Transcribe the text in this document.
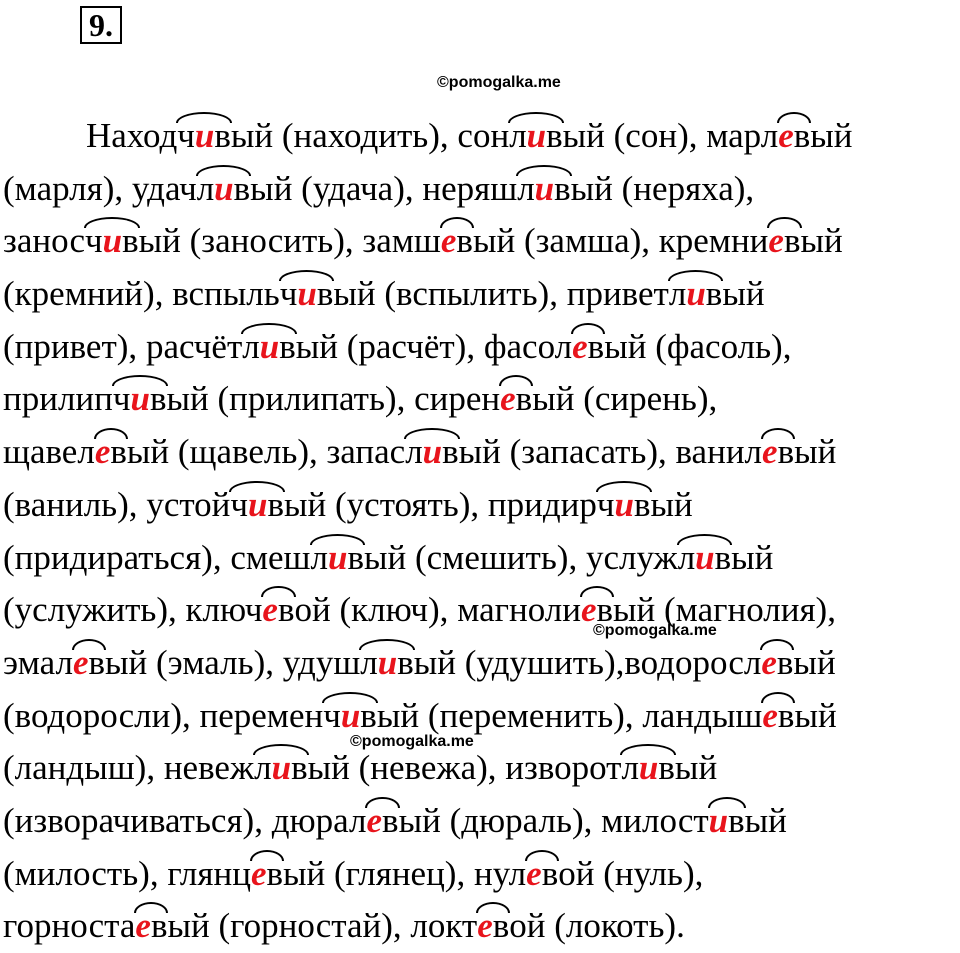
9.
©pomogalka.me
©pomogalka.me
©pomogalka.me
Наход
чивый (находить), сон
ливый (сон), марл
евый
(марля), удач
ливый (удача), неряш
ливый (неряха),
занос
чивый (заносить), замш
евый (замша), кремни
евый
(кремний), вспыль
чивый (вспылить), привет
ливый
(привет), расчёт
ливый (расчёт), фасол
евый (фасоль),
прилип
чивый (прилипать), сирен
евый (сирень),
щавел
евый (щавель), запас
ливый (запасать), ванил
евый
(ваниль), устой
чивый (устоять), придир
чивый
(придираться), смеш
ливый (смешить), услуж
ливый
(услужить), ключ
евой (ключ), магноли
евый (магнолия),
эмал
евый (эмаль), удуш
ливый (удушить),водоросл
евый
(водоросли), перемен
чивый (переменить), ландыш
евый
(ландыш), невеж
ливый (невежа), изворот
ливый
(изворачиваться), дюрал
евый (дюраль), милост
ивый
(милость), глянц
евый (глянец), нул
евой (нуль),
горноста
евый (горностай), локт
евой (локоть).
